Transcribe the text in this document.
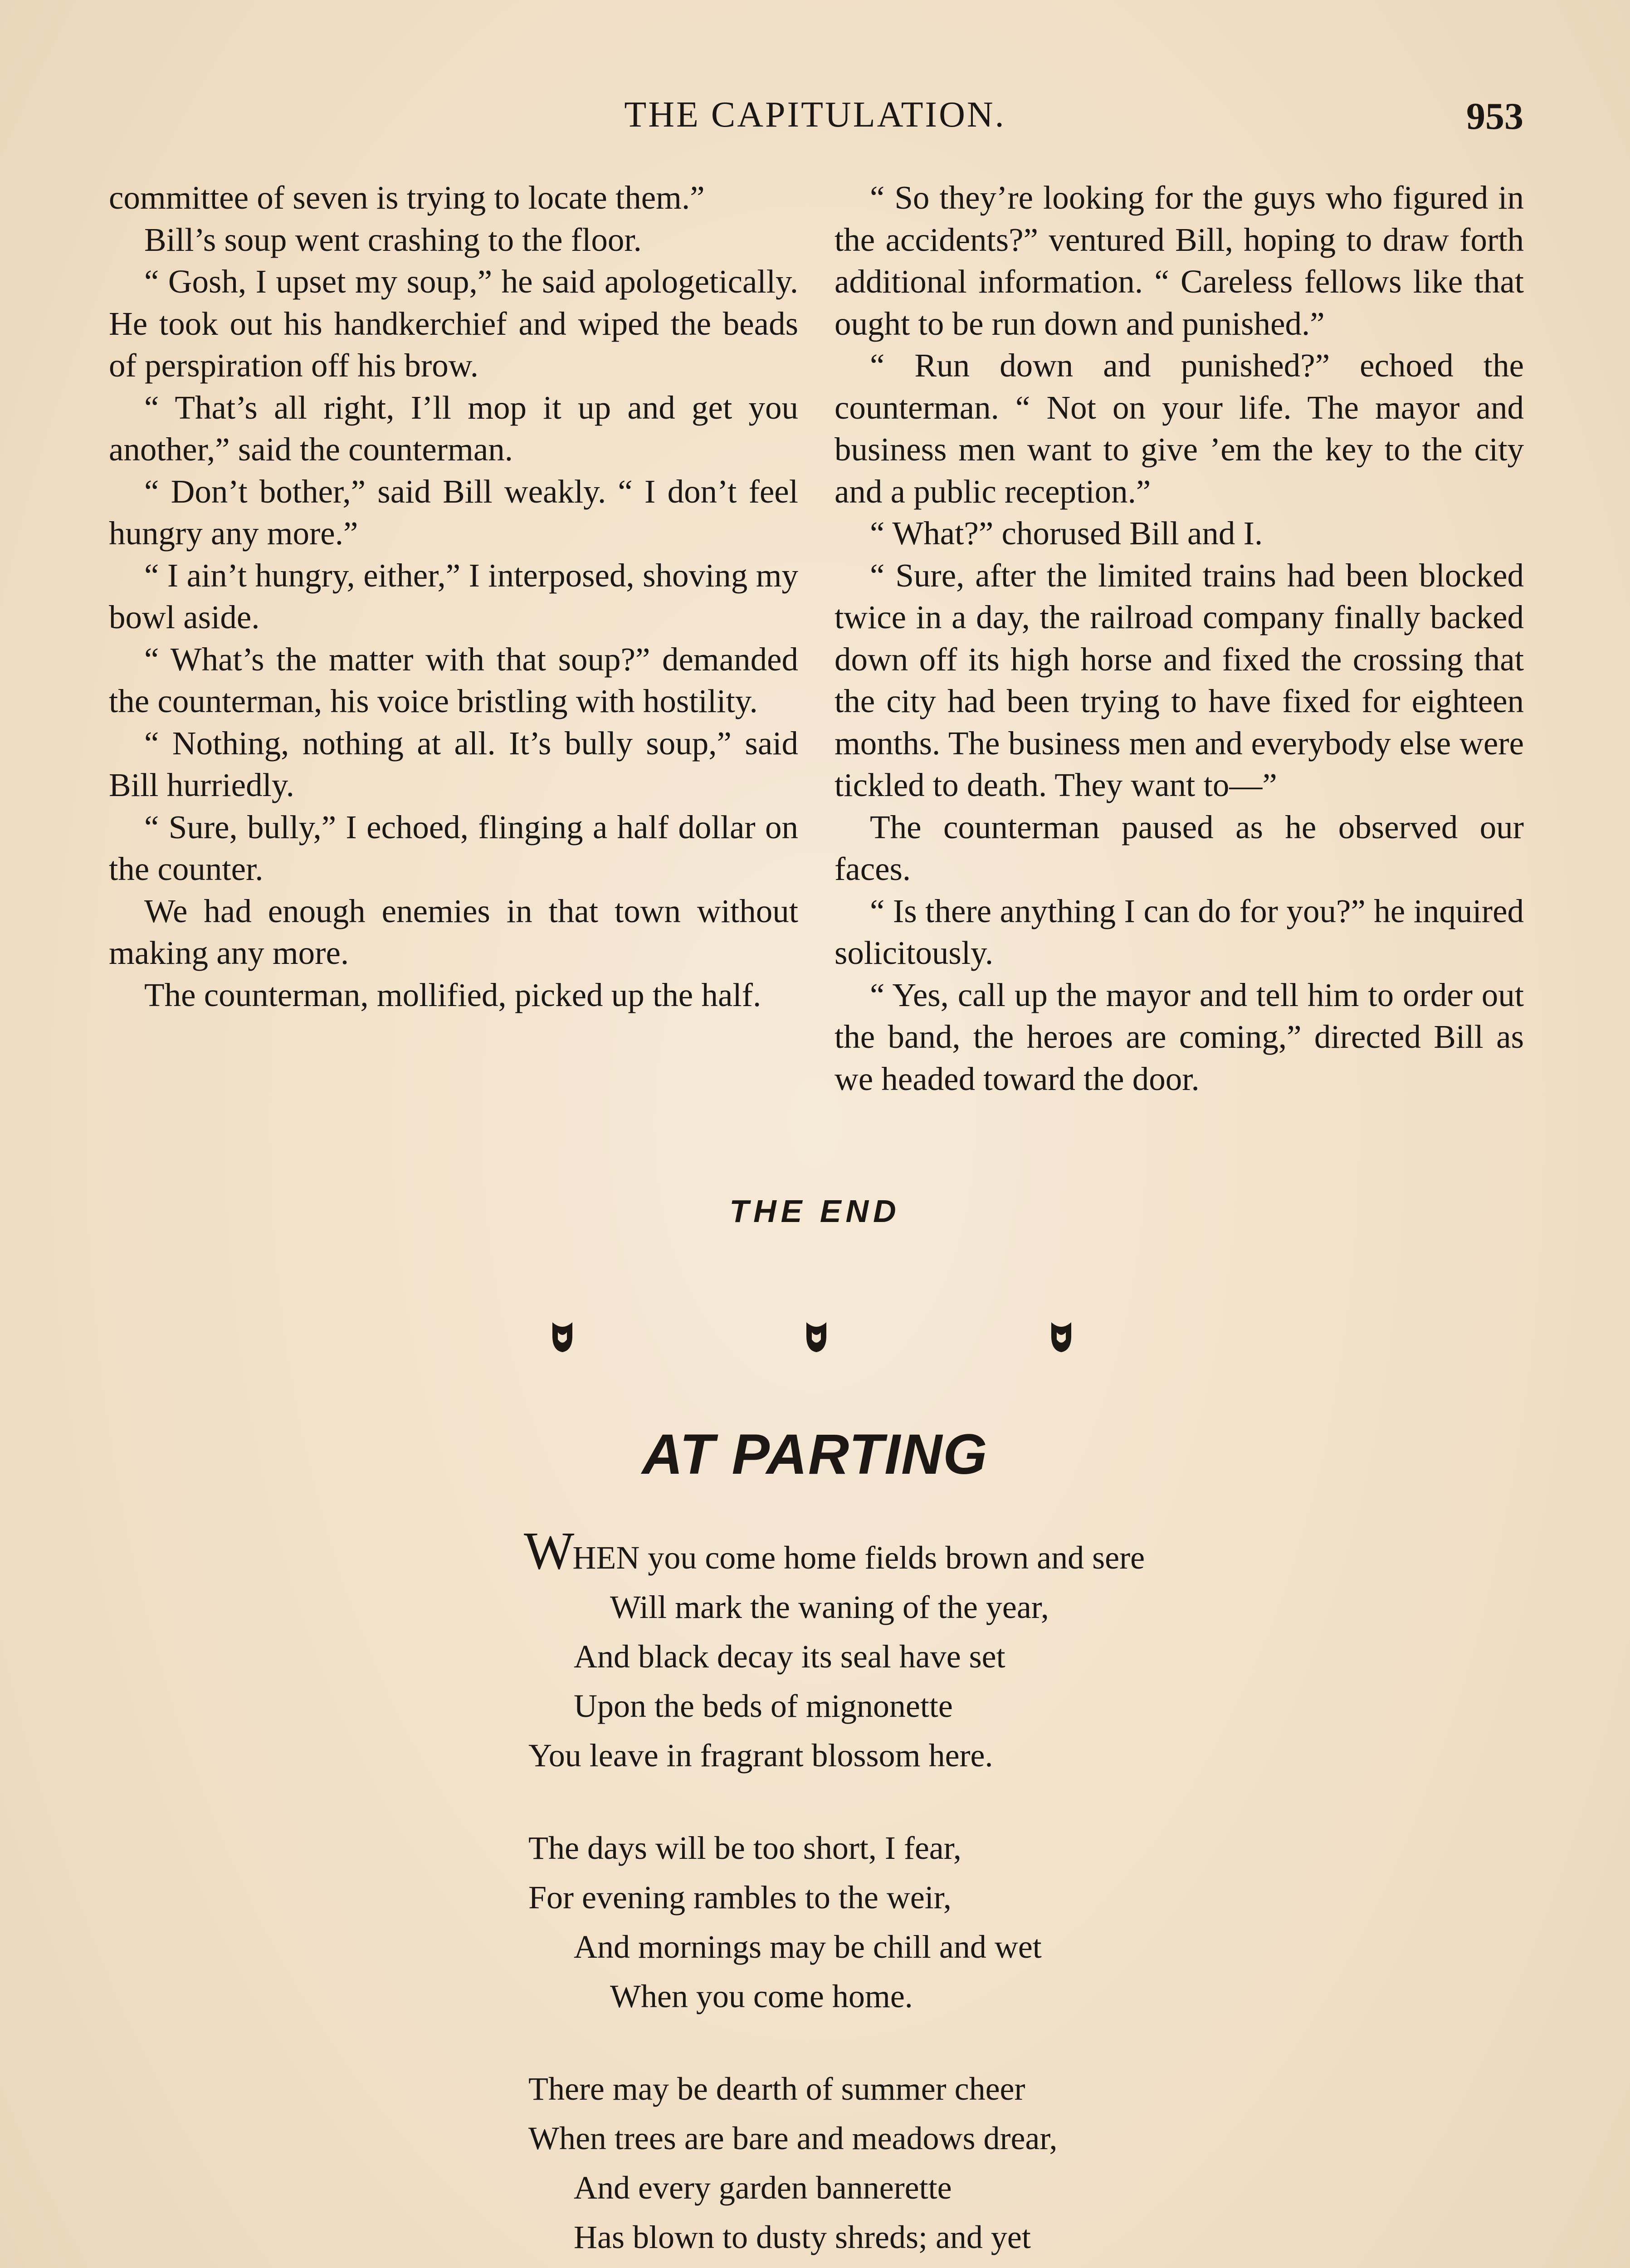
THE CAPITULATION.	953

committee of seven is trying to locate them.”

Bill’s soup went crashing to the floor.

“ Gosh, I upset my soup,” he said apologetically. He took out his handkerchief and wiped the beads of perspiration off his brow.

“ That’s all right, I’ll mop it up and get you another,” said the counterman.

“ Don’t bother,” said Bill weakly. “ I don’t feel hungry any more.”

“ I ain’t hungry, either,” I interposed, shoving my bowl aside.

“ What’s the matter with that soup?” demanded the counterman, his voice bristling with hostility.

“ Nothing, nothing at all. It’s bully soup,” said Bill hurriedly.

“ Sure, bully,” I echoed, flinging a half dollar on the counter.

We had enough enemies in that town without making any more.

The counterman, mollified, picked up the half.

“ So they’re looking for the guys who figured in the accidents?” ventured Bill, hoping to draw forth additional information. “ Careless fellows like that ought to be run down and punished.”

“ Run down and punished?” echoed the counterman. “ Not on your life. The mayor and business men want to give ’em the key to the city and a public reception.”

“ What?” chorused Bill and I.

“ Sure, after the limited trains had been blocked twice in a day, the railroad company finally backed down off its high horse and fixed the crossing that the city had been trying to have fixed for eighteen months. The business men and everybody else were tickled to death. They want to—”

The counterman paused as he observed our faces.

“ Is there anything I can do for you?” he inquired solicitously.

“ Yes, call up the mayor and tell him to order out the band, the heroes are coming,” directed Bill as we headed toward the door.

THE END
AT PARTING
WHEN you come home fields brown and sere
Will mark the waning of the year,
And black decay its seal have set
Upon the beds of mignonette
You leave in fragrant blossom here.
The days will be too short, I fear,
For evening rambles to the weir,
And mornings may be chill and wet
When you come home.
There may be dearth of summer cheer
When trees are bare and meadows drear,
And every garden bannerette
Has blown to dusty shreds; and yet
